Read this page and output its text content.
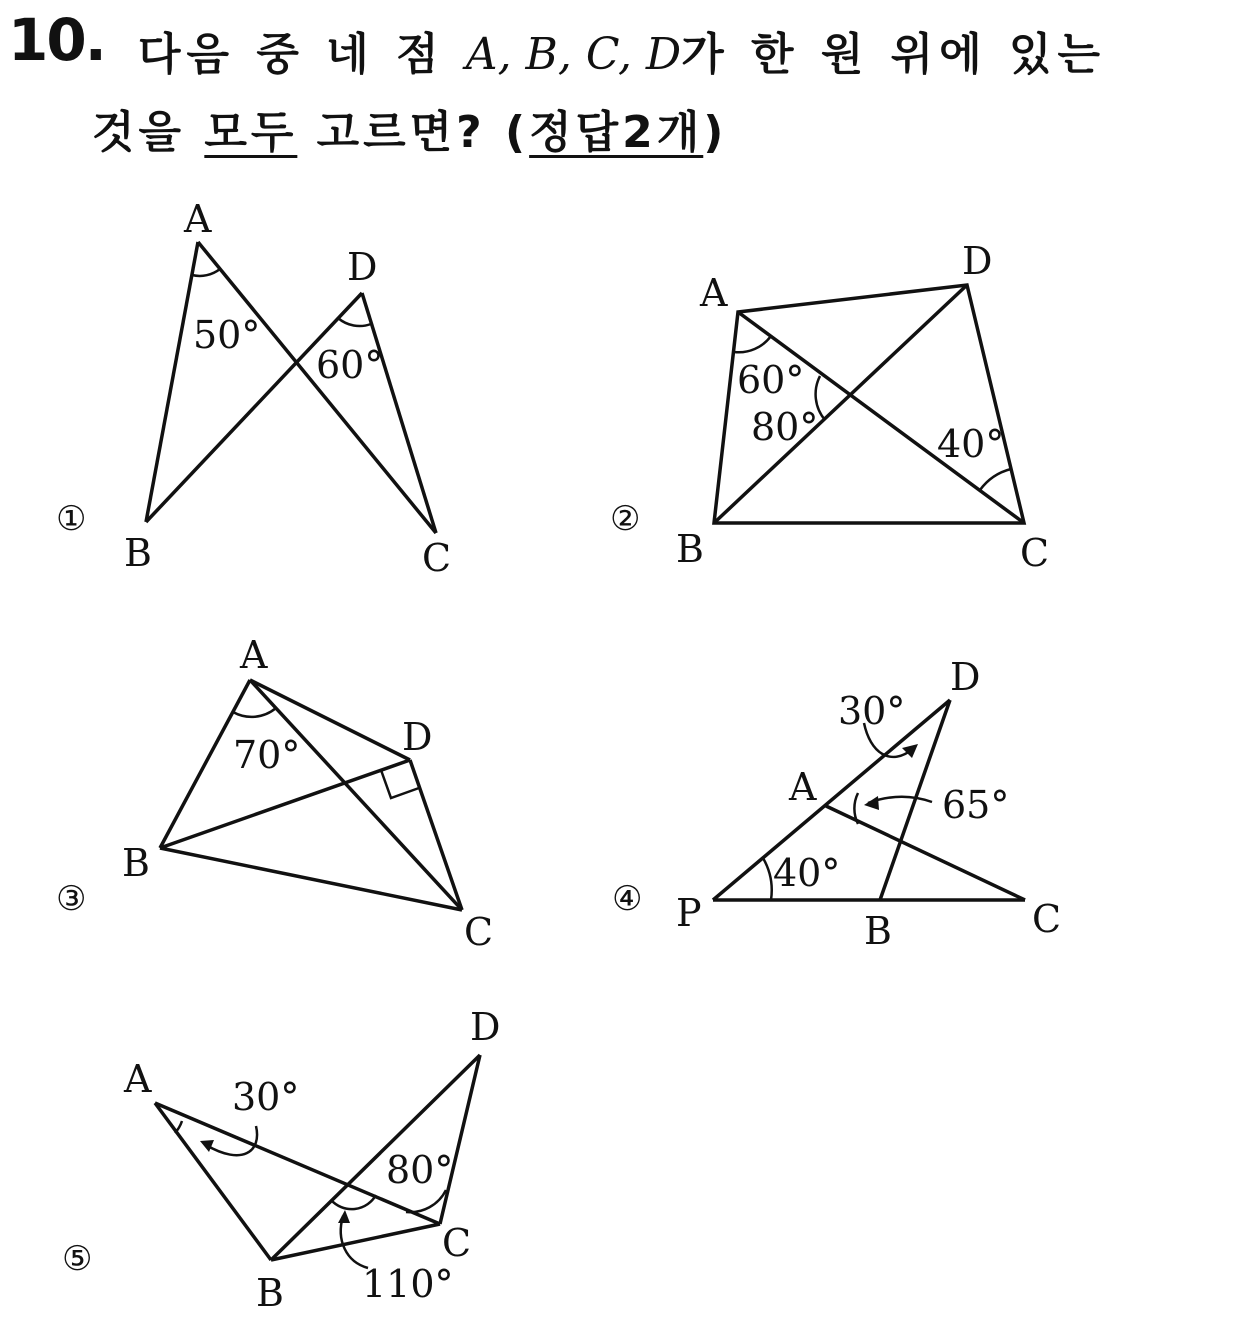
10. 다음 중 네 점 A, B, C, D가 한 원 위에 있는
것을 모두 고르면? (정답2개)
A
D
B	C
50°
60°
①
A
D
B	C
60°
80°	40°
②
A
D
B
C
70°
③
D
A
P	B	C
30°
65°
40°
④
A
D
B
C
30°
80°
110°
⑤
